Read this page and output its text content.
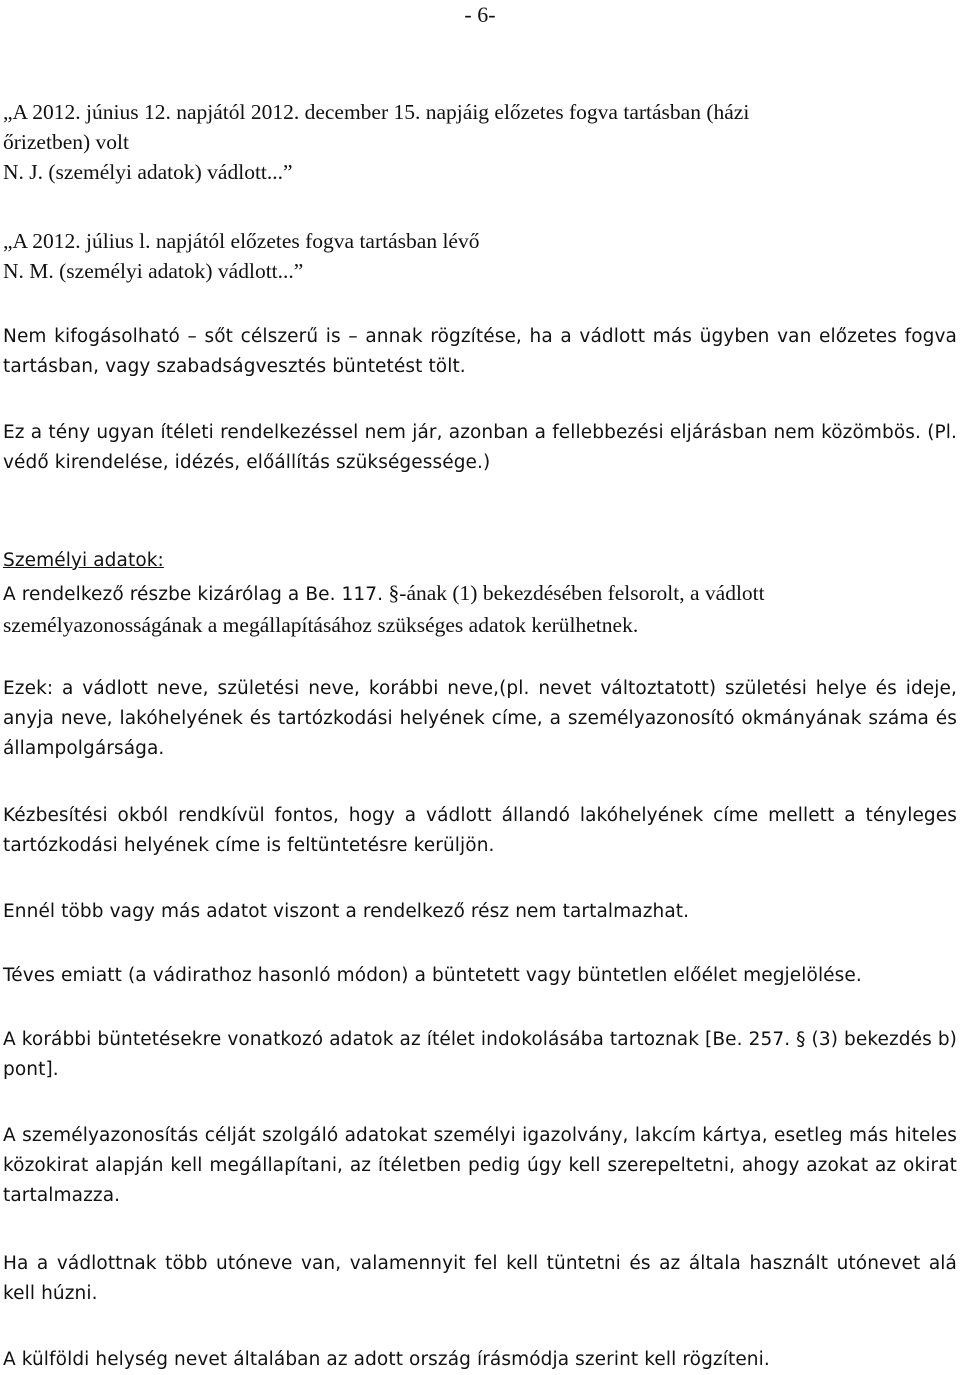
- 6-
„A 2012. június 12. napjától 2012. december 15. napjáig előzetes fogva tartásban (házi
őrizetben) volt
N. J. (személyi adatok) vádlott...”
„A 2012. július l. napjától előzetes fogva tartásban lévő
N. M. (személyi adatok) vádlott...”

Nem kifogásolható – sőt célszerű is – annak rögzítése, ha a vádlott más ügyben van előzetes fogva tartásban, vagy szabadságvesztés büntetést tölt.

Ez a tény ugyan ítéleti rendelkezéssel nem jár, azonban a fellebbezési eljárásban nem közömbös. (Pl. védő kirendelése, idézés, előállítás szükségessége.)

Személyi adatok:
A rendelkező részbe kizárólag a Be. 117. §-ának (1) bekezdésében felsorolt, a vádlott
személyazonosságának a megállapításához szükséges adatok kerülhetnek.

Ezek: a vádlott neve, születési neve, korábbi neve,(pl. nevet változtatott) születési helye és ideje, anyja neve, lakóhelyének és tartózkodási helyének címe, a személyazonosító okmányának száma és állampolgársága.

Kézbesítési okból rendkívül fontos, hogy a vádlott állandó lakóhelyének címe mellett a tényleges tartózkodási helyének címe is feltüntetésre kerüljön.

Ennél több vagy más adatot viszont a rendelkező rész nem tartalmazhat.

Téves emiatt (a vádirathoz hasonló módon) a büntetett vagy büntetlen előélet megjelölése.

A korábbi büntetésekre vonatkozó adatok az ítélet indokolásába tartoznak [Be. 257. § (3) bekezdés b) pont].

A személyazonosítás célját szolgáló adatokat személyi igazolvány, lakcím kártya, esetleg más hiteles közokirat alapján kell megállapítani, az ítéletben pedig úgy kell szerepeltetni, ahogy azokat az okirat tartalmazza.

Ha a vádlottnak több utóneve van, valamennyit fel kell tüntetni és az általa használt utónevet alá kell húzni.

A külföldi helység nevet általában az adott ország írásmódja szerint kell rögzíteni.
